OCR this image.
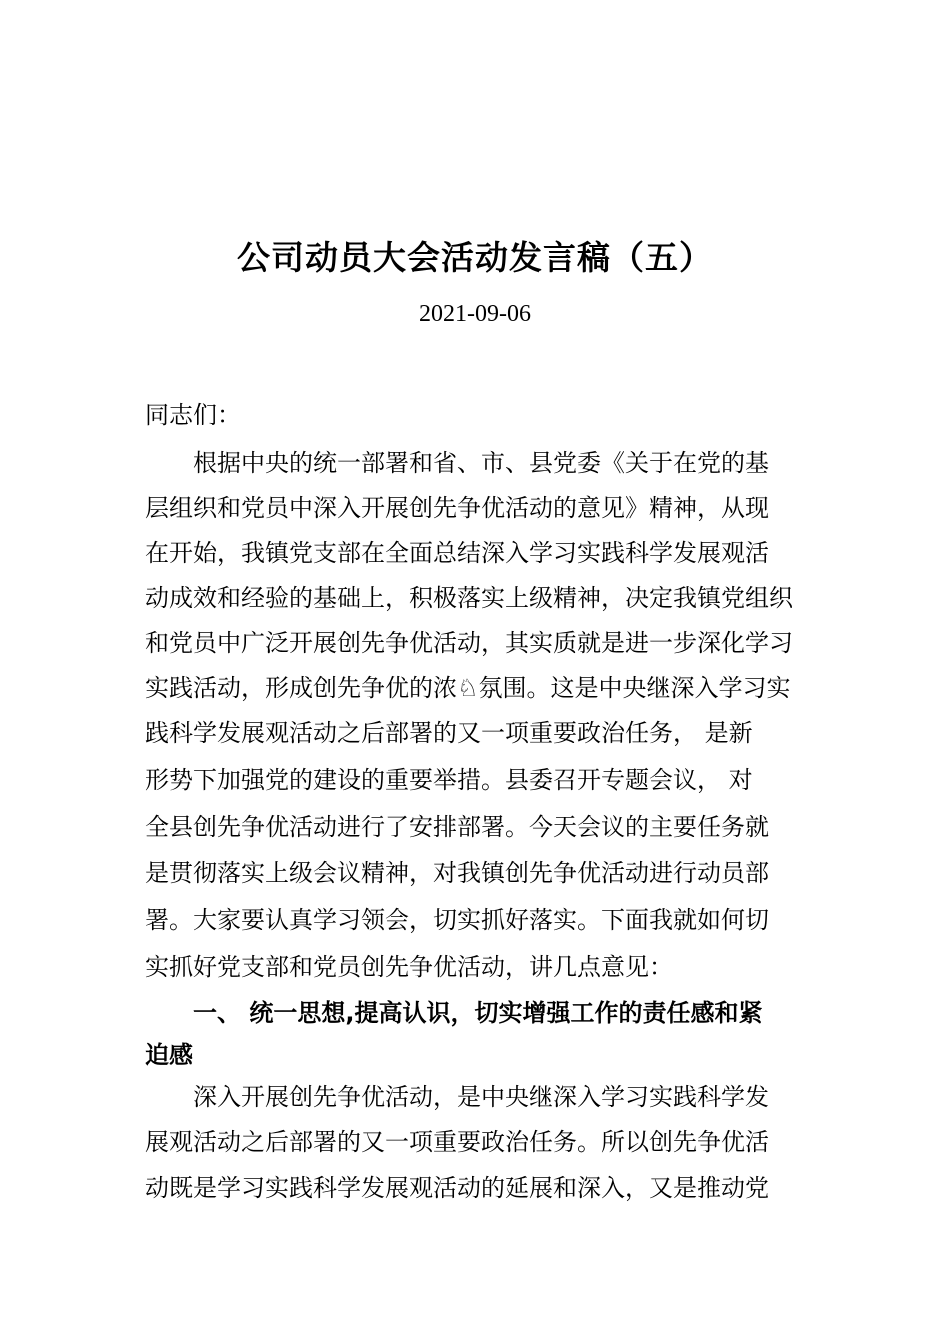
公司动员大会活动发言稿（五）
2021-09-06
同志们：
　　根据中央的统一部署和省、市、县党委《关于在党的基
层组织和党员中深入开展创先争优活动的意见》精神，从现
在开始，我镇党支部在全面总结深入学习实践科学发展观活
动成效和经验的基础上，积极落实上级精神，决定我镇党组织
和党员中广泛开展创先争优活动，其实质就是进一步深化学习
实践活动，形成创先争优的浓♘氛围。这是中央继深入学习实
践科学发展观活动之后部署的又一项重要政治任务， 是新
形势下加强党的建设的重要举措。县委召开专题会议， 对
全县创先争优活动进行了安排部署。今天会议的主要任务就
是贯彻落实上级会议精神，对我镇创先争优活动进行动员部
署。大家要认真学习领会，切实抓好落实。下面我就如何切
实抓好党支部和党员创先争优活动，讲几点意见：
　　一、 统一思想,提高认识，切实增强工作的责任感和紧
迫感
　　深入开展创先争优活动，是中央继深入学习实践科学发
展观活动之后部署的又一项重要政治任务。所以创先争优活
动既是学习实践科学发展观活动的延展和深入，又是推动党
